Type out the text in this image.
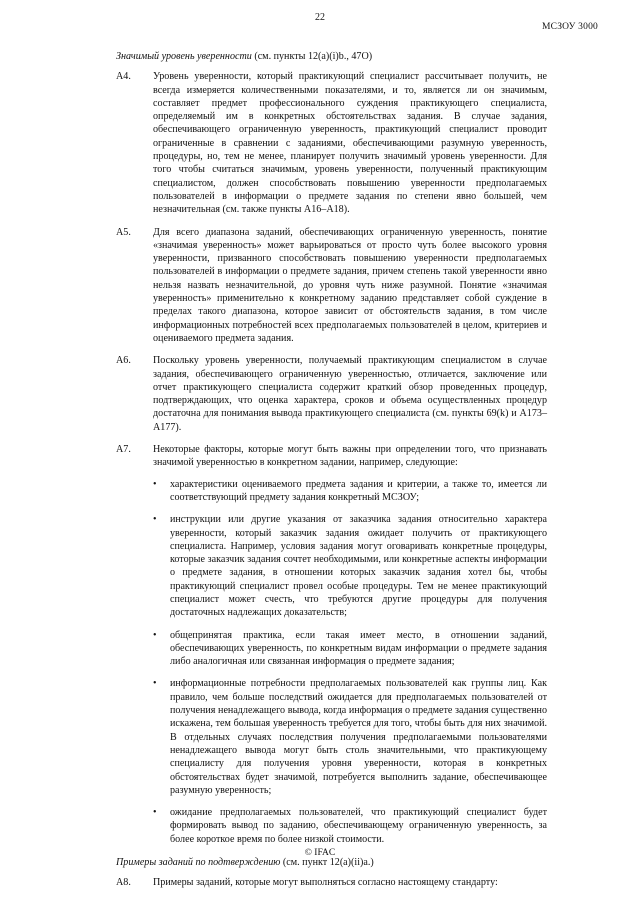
22
МСЗОУ 3000
Значимый уровень уверенности (см. пункты 12(a)(i)b., 47O)
A4. Уровень уверенности, который практикующий специалист рассчитывает получить, не всегда измеряется количественными показателями, и то, является ли он значимым, составляет предмет профессионального суждения практикующего специалиста, определяемый им в конкретных обстоятельствах задания. В случае задания, обеспечивающего ограниченную уверенность, практикующий специалист проводит ограниченные в сравнении с заданиями, обеспечивающими разумную уверенность, процедуры, но, тем не менее, планирует получить значимый уровень уверенности. Для того чтобы считаться значимым, уровень уверенности, полученный практикующим специалистом, должен способствовать повышению уверенности предполагаемых пользователей в информации о предмете задания по степени явно большей, чем незначительная (см. также пункты A16–A18).
A5. Для всего диапазона заданий, обеспечивающих ограниченную уверенность, понятие «значимая уверенность» может варьироваться от просто чуть более высокого уровня уверенности, призванного способствовать повышению уверенности предполагаемых пользователей в информации о предмете задания, причем степень такой уверенности явно нельзя назвать незначительной, до уровня чуть ниже разумной. Понятие «значимая уверенность» применительно к конкретному заданию представляет собой суждение в пределах такого диапазона, которое зависит от обстоятельств задания, в том числе информационных потребностей всех предполагаемых пользователей в целом, критериев и оцениваемого предмета задания.
A6. Поскольку уровень уверенности, получаемый практикующим специалистом в случае задания, обеспечивающего ограниченную уверенностью, отличается, заключение или отчет практикующего специалиста содержит краткий обзор проведенных процедур, подтверждающих, что оценка характера, сроков и объема осуществленных процедур достаточна для понимания вывода практикующего специалиста (см. пункты 69(k) и A173–A177).
A7. Некоторые факторы, которые могут быть важны при определении того, что признавать значимой уверенностью в конкретном задании, например, следующие:
• характеристики оцениваемого предмета задания и критерии, а также то, имеется ли соответствующий предмету задания конкретный МСЗОУ;
• инструкции или другие указания от заказчика задания относительно характера уверенности, который заказчик задания ожидает получить от практикующего специалиста. Например, условия задания могут оговаривать конкретные процедуры, которые заказчик задания сочтет необходимыми, или конкретные аспекты информации о предмете задания, в отношении которых заказчик задания хотел бы, чтобы практикующий специалист провел особые процедуры. Тем не менее практикующий специалист может счесть, что требуются другие процедуры для получения достаточных надлежащих доказательств;
• общепринятая практика, если такая имеет место, в отношении заданий, обеспечивающих уверенность, по конкретным видам информации о предмете задания либо аналогичная или связанная информация о предмете задания;
• информационные потребности предполагаемых пользователей как группы лиц. Как правило, чем больше последствий ожидается для предполагаемых пользователей от получения ненадлежащего вывода, когда информация о предмете задания существенно искажена, тем большая уверенность требуется для того, чтобы быть для них значимой. В отдельных случаях последствия получения предполагаемыми пользователями ненадлежащего вывода могут быть столь значительными, что практикующему специалисту для получения уровня уверенности, которая в конкретных обстоятельствах будет значимой, потребуется выполнить задание, обеспечивающее разумную уверенность;
• ожидание предполагаемых пользователей, что практикующий специалист будет формировать вывод по заданию, обеспечивающему ограниченную уверенность, за более короткое время по более низкой стоимости.
Примеры заданий по подтверждению (см. пункт 12(a)(ii)a.)
A8. Примеры заданий, которые могут выполняться согласно настоящему стандарту:
© IFAC
